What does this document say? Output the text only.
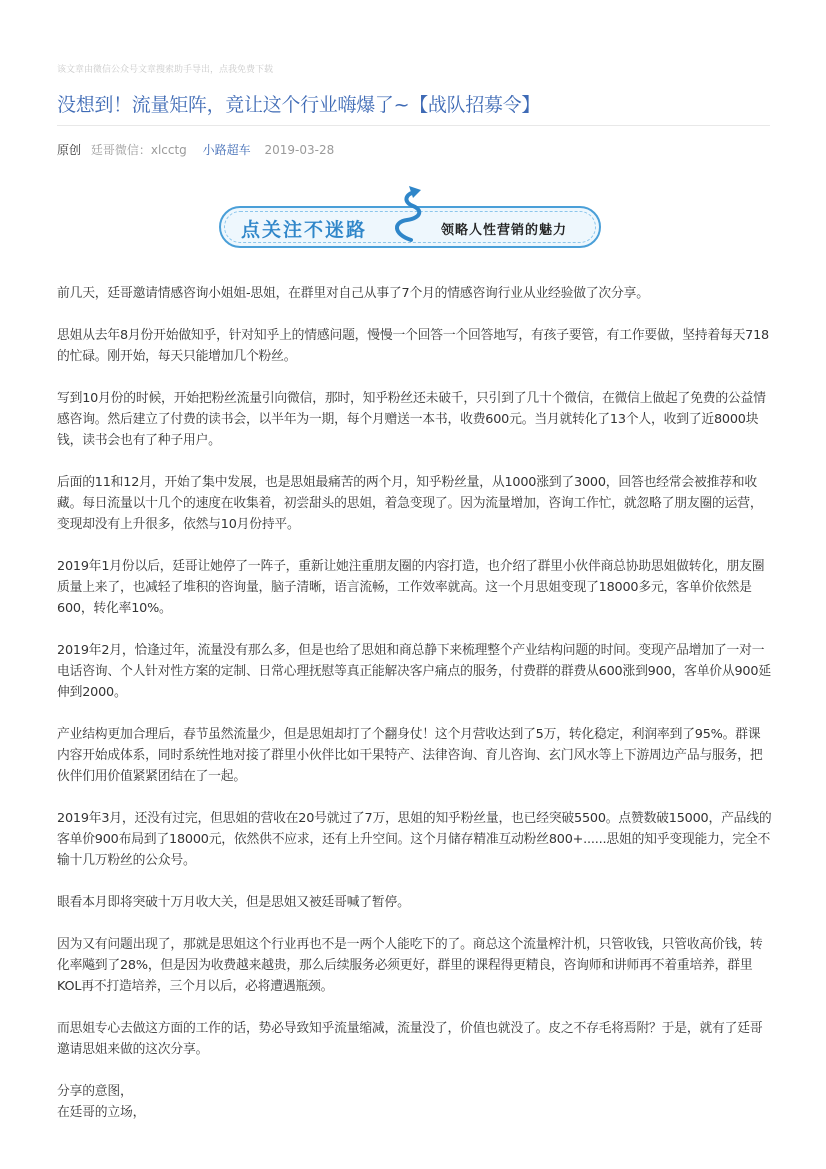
该文章由微信公众号文章搜索助手导出，点我免费下载
没想到！流量矩阵，竟让这个行业嗨爆了~【战队招募令】
原创 廷哥微信：xlcctg 小路超车 2019-03-28
点关注不迷路	领略人性营销的魅力

前几天，廷哥邀请情感咨询小姐姐-思姐，在群里对自己从事了7个月的情感咨询行业从业经验做了次分享。

思姐从去年8月份开始做知乎，针对知乎上的情感问题，慢慢一个回答一个回答地写，有孩子要管，有工作要做，坚持着每天718的忙碌。刚开始，每天只能增加几个粉丝。

写到10月份的时候，开始把粉丝流量引向微信，那时，知乎粉丝还未破千，只引到了几十个微信，在微信上做起了免费的公益情感咨询。然后建立了付费的读书会，以半年为一期，每个月赠送一本书，收费600元。当月就转化了13个人，收到了近8000块钱，读书会也有了种子用户。

后面的11和12月，开始了集中发展，也是思姐最痛苦的两个月，知乎粉丝量，从1000涨到了3000，回答也经常会被推荐和收藏。每日流量以十几个的速度在收集着，初尝甜头的思姐，着急变现了。因为流量增加，咨询工作忙，就忽略了朋友圈的运营，变现却没有上升很多，依然与10月份持平。

2019年1月份以后，廷哥让她停了一阵子，重新让她注重朋友圈的内容打造，也介绍了群里小伙伴商总协助思姐做转化，朋友圈质量上来了，也减轻了堆积的咨询量，脑子清晰，语言流畅，工作效率就高。这一个月思姐变现了18000多元，客单价依然是600，转化率10%。

2019年2月，恰逢过年，流量没有那么多，但是也给了思姐和商总静下来梳理整个产业结构问题的时间。变现产品增加了一对一电话咨询、个人针对性方案的定制、日常心理抚慰等真正能解决客户痛点的服务，付费群的群费从600涨到900，客单价从900延伸到2000。

产业结构更加合理后，春节虽然流量少，但是思姐却打了个翻身仗！这个月营收达到了5万，转化稳定，利润率到了95%。群课内容开始成体系，同时系统性地对接了群里小伙伴比如干果特产、法律咨询、育儿咨询、玄门风水等上下游周边产品与服务，把伙伴们用价值紧紧团结在了一起。

2019年3月，还没有过完，但思姐的营收在20号就过了7万，思姐的知乎粉丝量，也已经突破5500。点赞数破15000，产品线的客单价900布局到了18000元，依然供不应求，还有上升空间。这个月储存精准互动粉丝800+......思姐的知乎变现能力，完全不输十几万粉丝的公众号。

眼看本月即将突破十万月收大关，但是思姐又被廷哥喊了暂停。

因为又有问题出现了，那就是思姐这个行业再也不是一两个人能吃下的了。商总这个流量榨汁机，只管收钱，只管收高价钱，转化率飚到了28%，但是因为收费越来越贵，那么后续服务必须更好，群里的课程得更精良，咨询师和讲师再不着重培养，群里KOL再不打造培养，三个月以后，必将遭遇瓶颈。

而思姐专心去做这方面的工作的话，势必导致知乎流量缩减，流量没了，价值也就没了。皮之不存毛将焉附？于是，就有了廷哥邀请思姐来做的这次分享。

分享的意图，

在廷哥的立场，
